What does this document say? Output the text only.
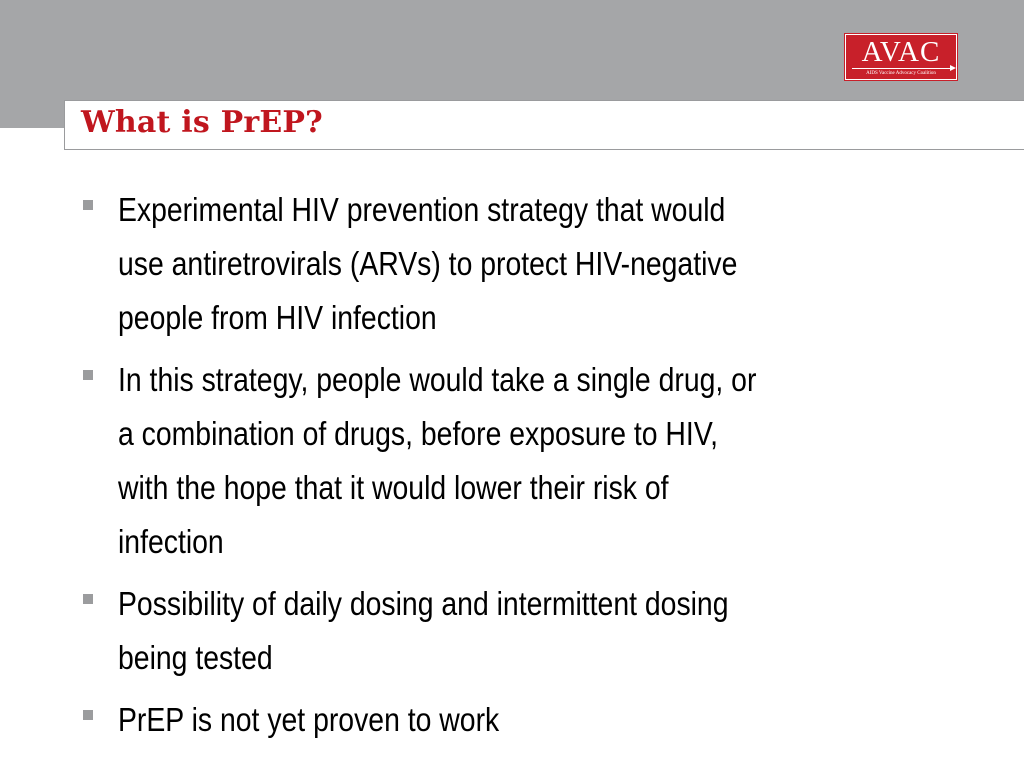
AVAC
AIDS Vaccine Advocacy Coalition
What is PrEP?
Experimental HIV prevention strategy that would
use antiretrovirals (ARVs) to protect HIV-negative
people from HIV infection
In this strategy, people would take a single drug, or
a combination of drugs, before exposure to HIV,
with the hope that it would lower their risk of
infection
Possibility of daily dosing and intermittent dosing
being tested
PrEP is not yet proven to work
